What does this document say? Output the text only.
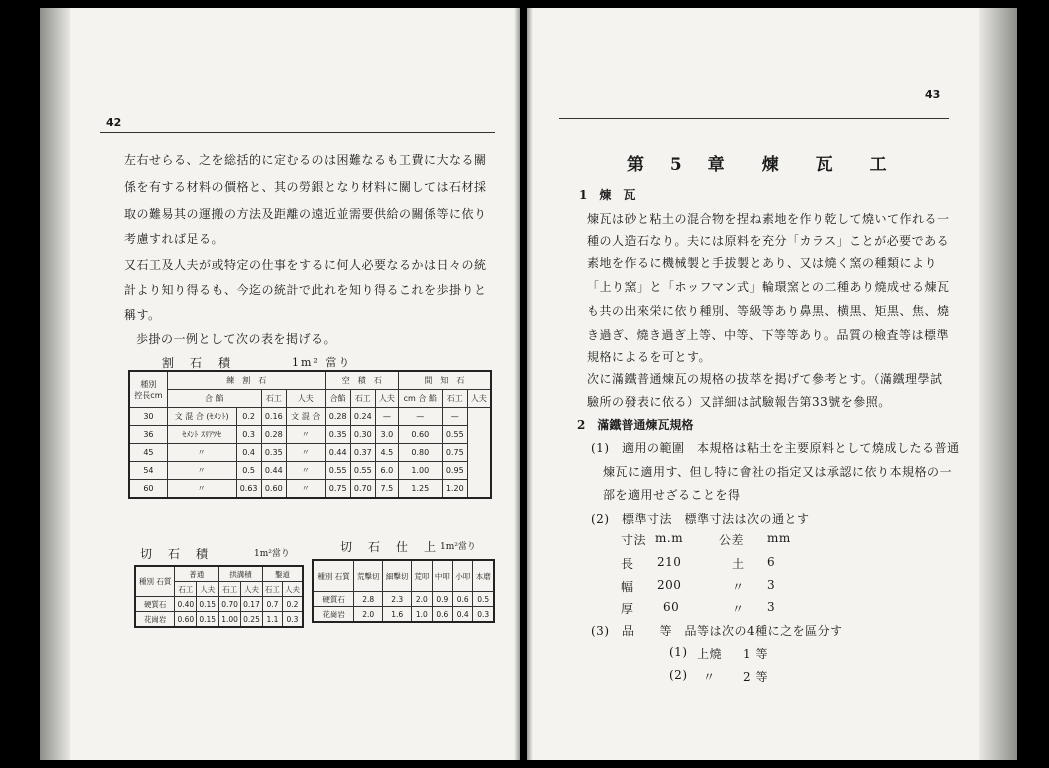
42
左右せらる、之を総括的に定むるのは困難なるも工費に大なる關
係を有する材料の價格と、其の勞銀となり材料に關しては石材採
取の難易其の運搬の方法及距離の遠近並需要供給の關係等に依り
考慮すれば足る。
又石工及人夫が或特定の仕事をするに何人必要なるかは日々の統
計より知り得るも、今迄の統計で此れを知り得るこれを歩掛りと
稱す。
歩掛の一例として次の表を掲げる。
割　石　積	1m² 當り
種別
控長cm	練　 割　 石				空　 積　 石			間　 知　 石		
	合 餡		石工	人夫	合餡	石工	人夫	cm 合 餡	石工	人夫
30	文 混 合 (ｾﾒﾝﾄ)	0.2	0.16	文 混 合	0.28	0.24	—	—	—	
36	ｾﾒﾝﾄ ｽﾘｱﾜｾ	0.3	0.28	〃	0.35	0.30	3.0	0.60	0.55	
45	〃	0.4	0.35	〃	0.44	0.37	4.5	0.80	0.75	
54	〃	0.5	0.44	〃	0.55	0.55	6.0	1.00	0.95	
60	〃	0.63	0.60	〃	0.75	0.70	7.5	1.25	1.20	
切　石　積	1m²當り	切　石　仕　上 1m²當り
種別 石質	普通		拱溝積		鑿道	
	石工	人夫	石工	人夫	石工	人夫
硬質石	0.40	0.15	0.70	0.17	0.7	0.2
花崗岩	0.60	0.15	1.00	0.25	1.1	0.3
種別 石質	荒擊切	細擊切	荒叩	中叩	小叩	本磨
硬質石	2.8	2.3	2.0	0.9	0.6	0.5
花崗岩	2.0	1.6	1.0	0.6	0.4	0.3
43
第 5 章　煉　瓦　工
1　煉　瓦
煉瓦は砂と粘土の混合物を捏ね素地を作り乾して燒いて作れる一
種の人造石なり。夫には原料を充分「カラス」ことが必要である
素地を作るに機械製と手拔製とあり、又は燒く窯の種類により
「上り窯」と「ホッフマン式」輪環窯との二種あり燒成せる煉瓦
も共の出來栄に依り種別、等級等あり鼻黒、横黒、矩黒、焦、燒
き過ぎ、燒き過ぎ上等、中等、下等等あり。品質の檢査等は標準
規格によるを可とす。
次に滿鐵普通煉瓦の規格の拔萃を掲げて參考とす。（滿鐵理學試
驗所の發表に依る）又詳細は試驗報告第33號を參照。
2　滿鐵普通煉瓦規格
(1)　適用の範圍　本規格は粘土を主要原料として燒成したる普通
煉瓦に適用す、但し特に會社の指定又は承認に依り本規格の一
部を適用せざることを得
(2)　標準寸法　標準寸法は次の通とす
寸法 m.m	公差 mm
長 210	土 6
幅 200	〃 3
厚 60	〃 3
(3)　品　　等　品等は次の4種に之を區分す
(1) 上燒 1 等
(2) 〃 2 等
